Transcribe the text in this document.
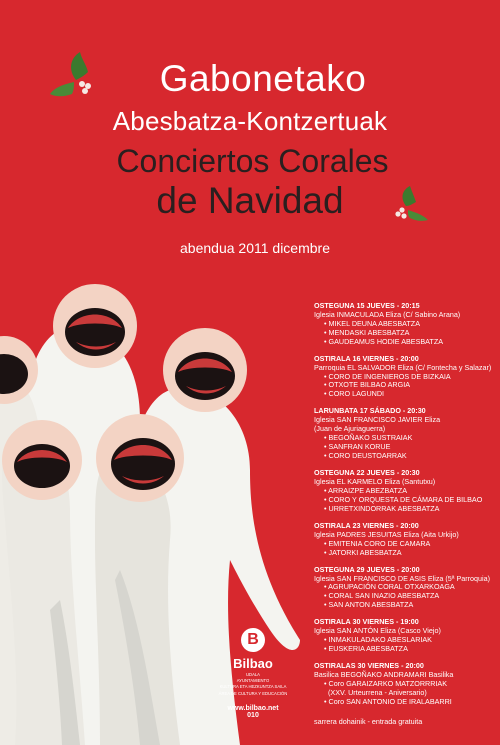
Gabonetako
Abesbatza-Kontzertuak
Conciertos Corales
de Navidad
abendua 2011 dicembre
OSTEGUNA 15 JUEVES - 20:15
Iglesia INMACULADA Eliza (C/ Sabino Arana)
• MIKEL DEUNA ABESBATZA
• MENDASKI ABESBATZA
• GAUDEAMUS HODIE ABESBATZA
OSTIRALA 16 VIERNES - 20:00
Parroquia EL SALVADOR Eliza (C/ Fontecha y Salazar)
• CORO DE INGENIEROS DE BIZKAIA
• OTXOTE BILBAO ARGIA
• CORO LAGUNDI
LARUNBATA 17 SÁBADO - 20:30
Iglesia SAN FRANCISCO JAVIER Eliza
(Juan de Ajuriaguerra)
• BEGOÑAKO SUSTRAIAK
• SANFRAN KORUE
• CORO DEUSTOARRAK
OSTEGUNA 22 JUEVES - 20:30
Iglesia EL KARMELO Eliza (Santutxu)
• ARRAIZPE ABEZBATZA
• CORO Y ORQUESTA DE CÁMARA DE BILBAO
• URRETXINDORRAK ABESBATZA
OSTIRALA 23 VIERNES - 20:00
Iglesia PADRES JESUITAS Eliza (Aita Urkijo)
• EMITENIA CORO DE CAMARA
• JATORKI ABESBATZA
OSTEGUNA 29 JUEVES - 20:00
Iglesia SAN FRANCISCO DE ASIS Eliza (5ª Parroquia)
• AGRUPACIÓN CORAL OTXARKOAGA
• CORAL SAN INAZIO ABESBATZA
• SAN ANTON ABESBATZA
OSTIRALA 30 VIERNES - 19:00
Iglesia SAN ANTÓN Eliza (Casco Viejo)
• INMAKULADAKO ABESLARIAK
• EUSKERIA ABESBATZA
OSTIRALAS 30 VIERNES - 20:00
Basilica BEGOÑAKO ANDRAMARI Basilika
• Coro GARAIZARKO MATZORRRIAK
(XXV. Urteurrena - Aniversario)
• Coro SAN ANTONIO DE IRALABARRI
B
Bilbao
UDALA
AYUNTAMIENTO
KULTURA ETA HEZKUNTZA SAILA
ÁREA DE CULTURA Y EDUCACIÓN
www.bilbao.net
010
sarrera dohainik - entrada gratuita
